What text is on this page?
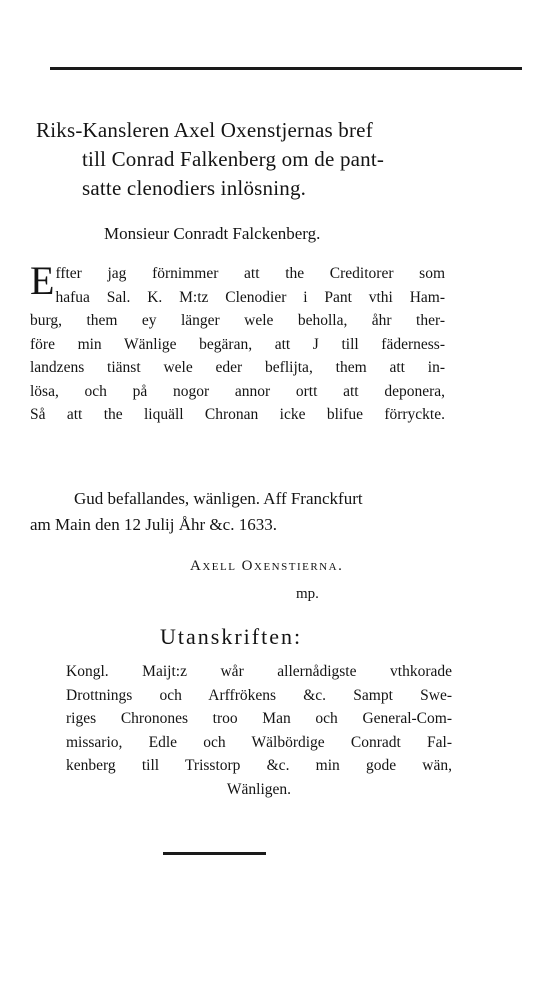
Riks-Kansleren Axel Oxenstjernas bref
till Conrad Falkenberg om de pant-
satte clenodiers inlösning.
Monsieur Conradt Falckenberg.
E ffter jag förnimmer att the Creditorer som
hafua Sal. K. M:tz Clenodier i Pant vthi Ham-
burg, them ey länger wele beholla, åhr ther-
före min Wänlige begäran, att J till fäderness-
landzens tiänst wele eder beflijta, them att in-
lösa, och på nogor annor ortt att deponera,
Så att the liquäll Chronan icke blifue förryckte.
Gud befallandes, wänligen. Aff Franckfurt
am Main den 12 Julij Åhr &c. 1633.
Axell Oxenstierna.
mp.
Utanskriften:
Kongl. Maijt:z wår allernådigste vthkorade
Drottnings och Arffrökens &c. Sampt Swe-
riges Chronones troo Man och General-Com-
missario, Edle och Wälbördige Conradt Fal-
kenberg till Trisstorp &c. min gode wän,
Wänligen.
